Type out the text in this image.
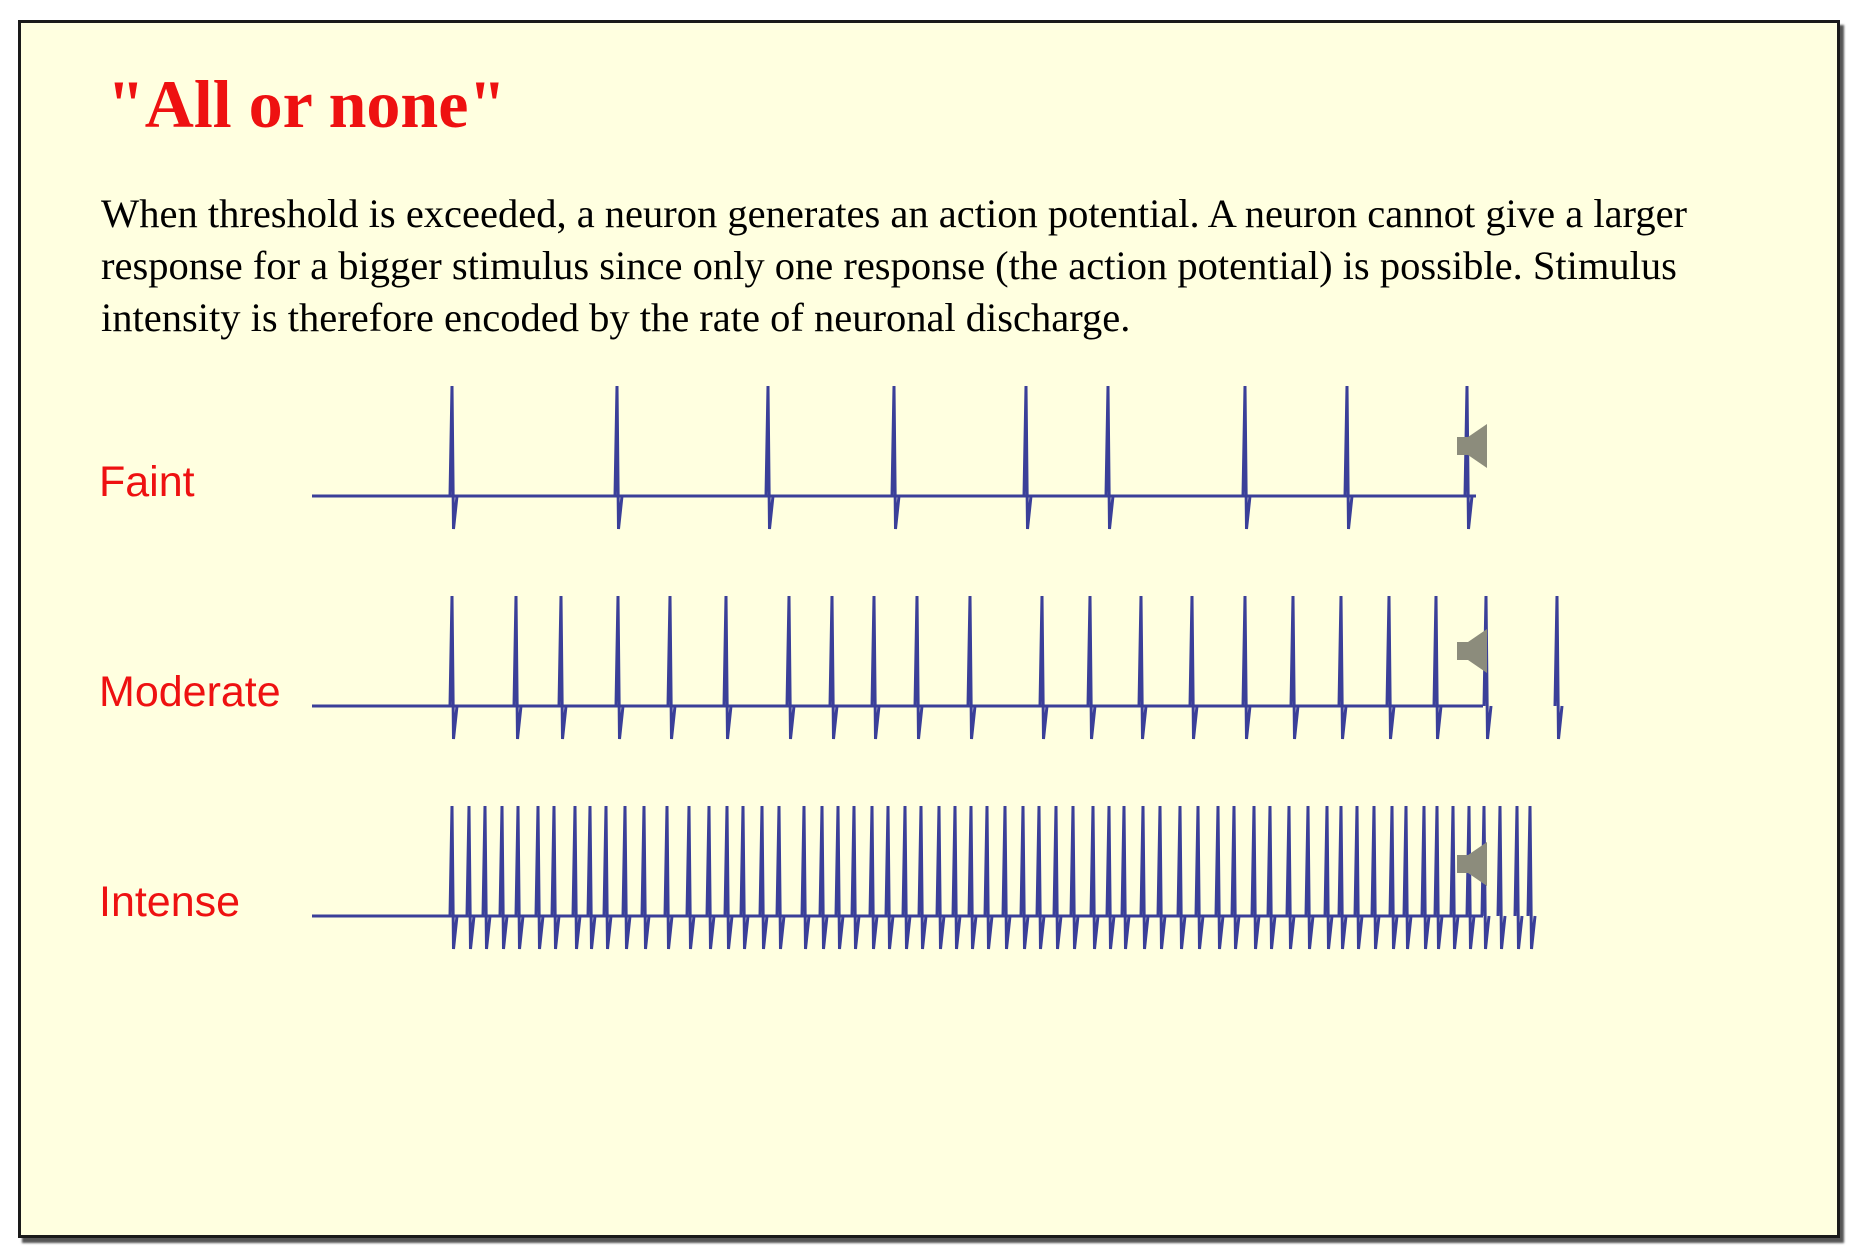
"All or none"

When threshold is exceeded, a neuron generates an action potential. A neuron cannot give a larger response for a bigger stimulus since only one response (the action potential) is possible. Stimulus intensity is therefore encoded by the rate of neuronal discharge.

Faint
Moderate
Intense
